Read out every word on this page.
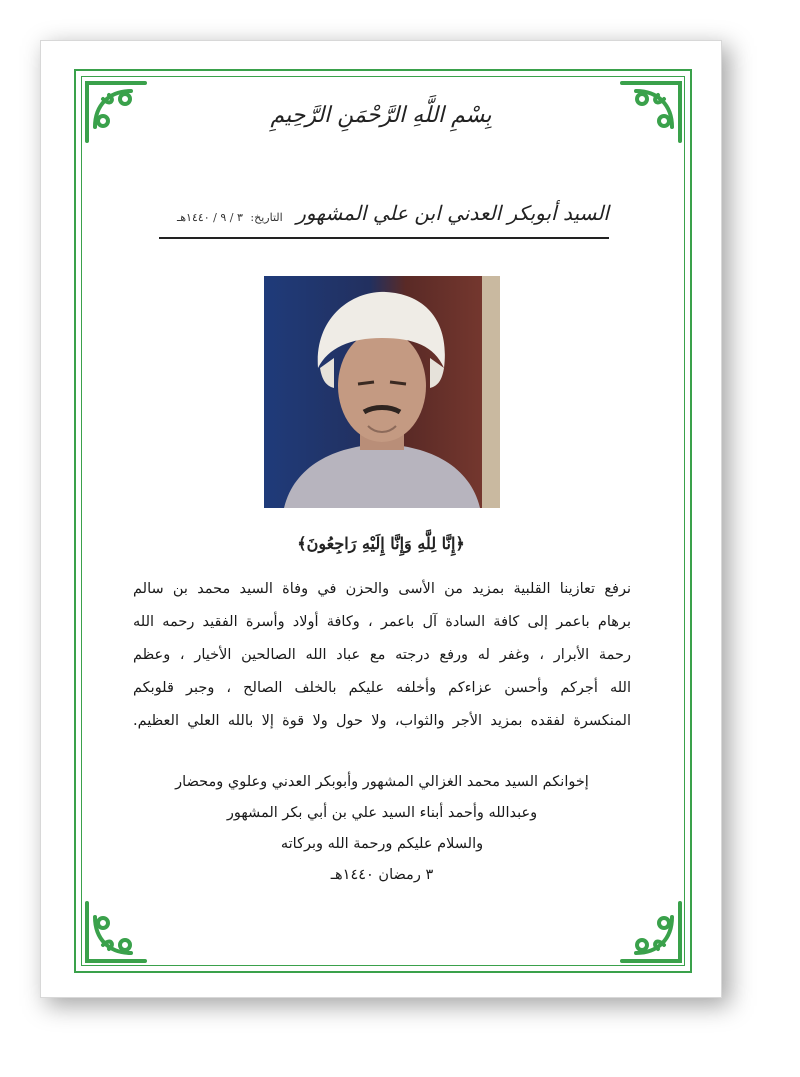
بِسْمِ اللَّهِ الرَّحْمَنِ الرَّحِيمِ
السيد أبوبكر العدني ابن علي المشهور
التاريخ: ٣ / ٩ / ١٤٤٠هـ
﴿إِنَّا لِلَّهِ وَإِنَّا إِلَيْهِ رَاجِعُونَ﴾
نرفع تعازينا القلبية بمزيد من الأسى والحزن في وفاة السيد محمد بن سالم
برهام باعمر إلى كافة السادة آل باعمر ، وكافة أولاد وأسرة الفقيد رحمه الله
رحمة الأبرار ، وغفر له ورفع درجته مع عباد الله الصالحين الأخيار ، وعظم
الله أجركم وأحسن عزاءكم وأخلفه عليكم بالخلف الصالح ، وجبر قلوبكم
المنكسرة لفقده بمزيد الأجر والثواب، ولا حول ولا قوة إلا بالله العلي العظيم.
إخوانكم السيد محمد الغزالي المشهور وأبوبكر العدني وعلوي ومحضار
وعبدالله وأحمد أبناء السيد علي بن أبي بكر المشهور
والسلام عليكم ورحمة الله وبركاته
٣ رمضان ١٤٤٠هـ
